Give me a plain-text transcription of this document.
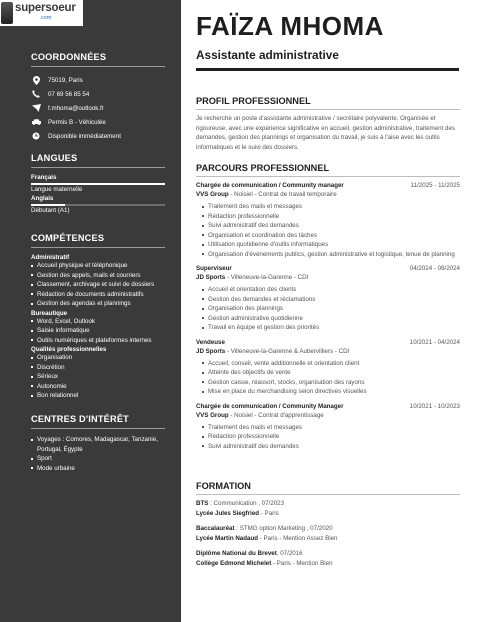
supersoeur
.com
COORDONNÉES
75019, Paris
07 69 56 85 54
f.mhoma@outlook.fr
Permis B - Véhiculée
Disponible immédiatement
LANGUES
Français
Langue maternelle
Anglais
Débutant (A1)
COMPÉTENCES
Administratif
Accueil physique et téléphonique
Gestion des appels, mails et courriers
Classement, archivage et suivi de dossiers
Rédaction de documents administratifs
Gestion des agendas et plannings
Bureautique
Word, Excel, Outlook
Saisie informatique
Outils numériques et plateformes internes
Qualités professionnelles
Organisation
Discrétion
Sérieux
Autonomie
Bon relationnel
CENTRES D'INTÉRÊT
Voyages : Comores, Madagascar, Tanzanie, Portugal, Égypte
Sport
Mode urbaine
FAÏZA MHOMA
Assistante administrative
PROFIL PROFESSIONNEL
Je recherche un poste d'assistante administrative / secrétaire polyvalente. Organisée et rigoureuse, avec une expérience significative en accueil, gestion administrative, traitement des demandes, gestion des plannings et organisation du travail, je suis à l'aise avec les outils informatiques et le suivi des dossiers.
PARCOURS PROFESSIONNEL
Chargée de communication / Community manager	11/2025 - 11/2025
VVS Group - Noisiel - Contrat de travail temporaire
Traitement des mails et messages
Rédaction professionnelle
Suivi administratif des demandes
Organisation et coordination des tâches
Utilisation quotidienne d'outils informatiques
Organisation d'événements publics, gestion administrative et logistique, tenue de planning
Superviseur	04/2024 - 08/2024
JD Sports - Villeneuve-la-Garenne - CDI
Accueil et orientation des clients
Gestion des demandes et réclamations
Organisation des plannings
Gestion administrative quotidienne
Travail en équipe et gestion des priorités
Vendeuse	10/2021 - 04/2024
JD Sports - Villeneuve-la-Garenne & Aubervilliers - CDI
Accueil, conseil, vente additionnelle et orientation client
Atteinte des objectifs de vente
Gestion caisse, réassort, stocks, organisation des rayons
Mise en place du merchandising selon directives visuelles
Chargée de communication / Community Manager	10/2021 - 10/2023
VVS Group - Noisiel - Contrat d'apprentissage
Traitement des mails et messages
Rédaction professionnelle
Suivi administratif des demandes
FORMATION
BTS : Communication , 07/2023
Lycée Jules Siegfried - Paris
Baccalauréat : STMG option Marketing , 07/2020
Lycée Martin Nadaud - Paris - Mention Assez Bien
Diplôme National du Brevet, 07/2016
Collège Edmond Michelet - Paris - Mention Bien
